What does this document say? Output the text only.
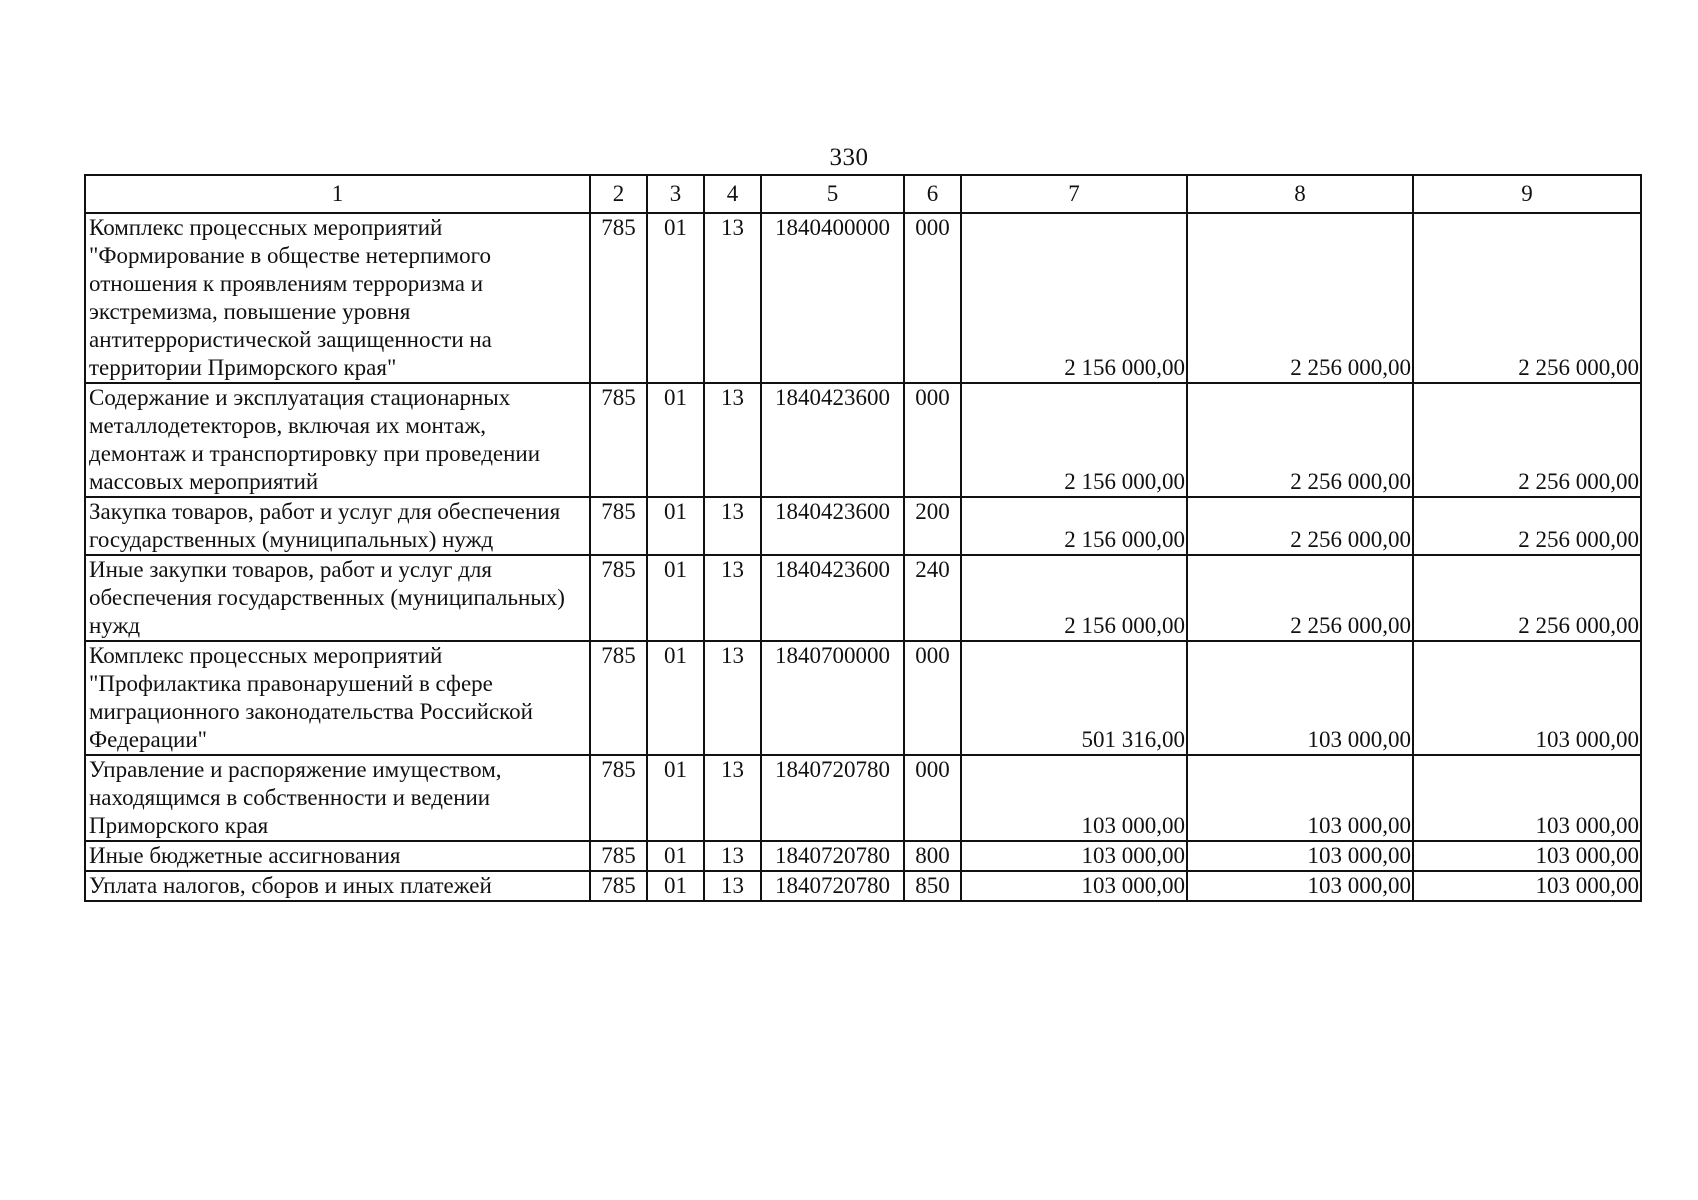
330
1	2	3	4	5	6	7	8	9
Комплекс процессных мероприятий "Формирование в обществе нетерпимого отношения к проявлениям терроризма и экстремизма, повышение уровня антитеррористической защищенности на территории Приморского края"	785	01	13	1840400000	000	2 156 000,00	2 256 000,00	2 256 000,00
Содержание и эксплуатация стационарных металлодетекторов, включая их монтаж, демонтаж и транспортировку при проведении массовых мероприятий	785	01	13	1840423600	000	2 156 000,00	2 256 000,00	2 256 000,00
Закупка товаров, работ и услуг для обеспечения государственных (муниципальных) нужд	785	01	13	1840423600	200	2 156 000,00	2 256 000,00	2 256 000,00
Иные закупки товаров, работ и услуг для обеспечения государственных (муниципальных) нужд	785	01	13	1840423600	240	2 156 000,00	2 256 000,00	2 256 000,00
Комплекс процессных мероприятий "Профилактика правонарушений в сфере миграционного законодательства Российской Федерации"	785	01	13	1840700000	000	501 316,00	103 000,00	103 000,00
Управление и распоряжение имуществом, находящимся в собственности и ведении Приморского края	785	01	13	1840720780	000	103 000,00	103 000,00	103 000,00
Иные бюджетные ассигнования	785	01	13	1840720780	800	103 000,00	103 000,00	103 000,00
Уплата налогов, сборов и иных платежей	785	01	13	1840720780	850	103 000,00	103 000,00	103 000,00
